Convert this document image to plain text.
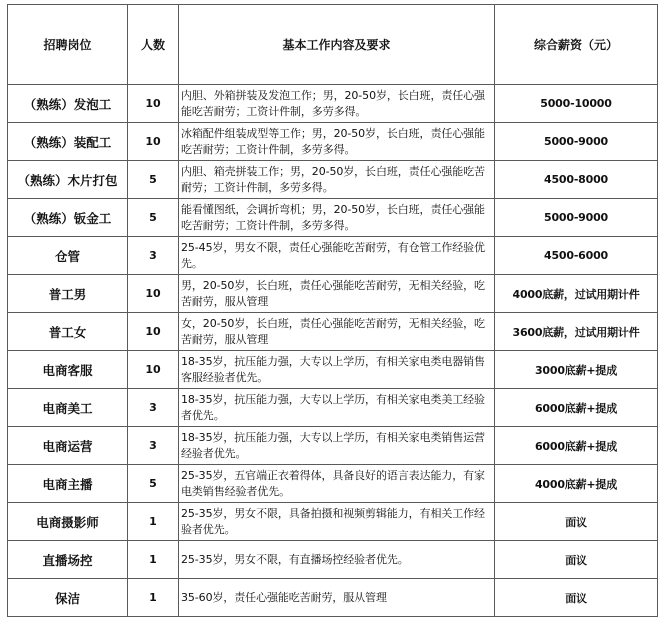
招聘岗位	人数	基本工作内容及要求	综合薪资（元）
（熟练）发泡工	10	内胆、外箱拼装及发泡工作；男，20-50岁，长白班，责任心强能吃苦耐劳；工资计件制，多劳多得。	5000-10000
（熟练）装配工	10	冰箱配件组装成型等工作；男，20-50岁，长白班，责任心强能吃苦耐劳；工资计件制，多劳多得。	5000-9000
（熟练）木片打包	5	内胆、箱壳拼装工作；男，20-50岁，长白班，责任心强能吃苦耐劳；工资计件制，多劳多得。	4500-8000
（熟练）钣金工	5	能看懂图纸，会调折弯机；男，20-50岁，长白班，责任心强能吃苦耐劳；工资计件制，多劳多得。	5000-9000
仓管	3	25-45岁，男女不限，责任心强能吃苦耐劳，有仓管工作经验优先。	4500-6000
普工男	10	男，20-50岁，长白班，责任心强能吃苦耐劳，无相关经验，吃苦耐劳，服从管理	4000底薪，过试用期计件
普工女	10	女，20-50岁，长白班，责任心强能吃苦耐劳，无相关经验，吃苦耐劳，服从管理	3600底薪，过试用期计件
电商客服	10	18-35岁，抗压能力强，大专以上学历，有相关家电类电器销售客服经验者优先。	3000底薪+提成
电商美工	3	18-35岁，抗压能力强，大专以上学历，有相关家电类美工经验者优先。	6000底薪+提成
电商运营	3	18-35岁，抗压能力强，大专以上学历，有相关家电类销售运营经验者优先。	6000底薪+提成
电商主播	5	25-35岁，五官端正衣着得体，具备良好的语言表达能力，有家电类销售经验者优先。	4000底薪+提成
电商摄影师	1	25-35岁，男女不限，具备拍摄和视频剪辑能力，有相关工作经验者优先。	面议
直播场控	1	25-35岁，男女不限，有直播场控经验者优先。	面议
保洁	1	35-60岁，责任心强能吃苦耐劳，服从管理	面议
